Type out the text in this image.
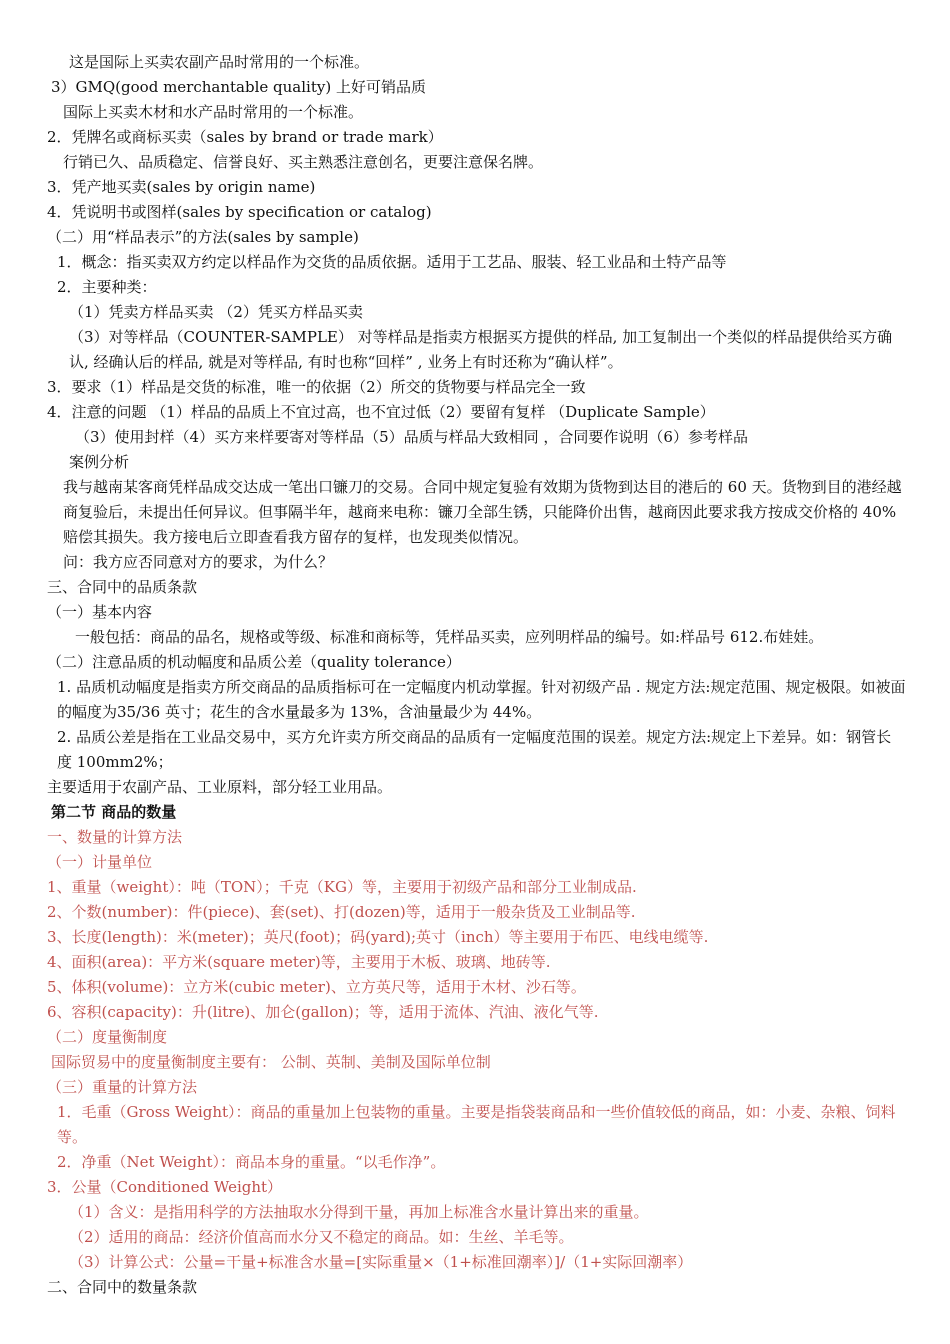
这是国际上买卖农副产品时常用的一个标准。
3）GMQ(good merchantable quality) 上好可销品质
国际上买卖木材和水产品时常用的一个标准。
2．凭牌名或商标买卖（sales by brand or trade mark）
行销已久、品质稳定、信誉良好、买主熟悉注意创名，更要注意保名牌。
3．凭产地买卖(sales by origin name)
4．凭说明书或图样(sales by specification or catalog)
（二）用“样品表示”的方法(sales by sample)
1．概念：指买卖双方约定以样品作为交货的品质依据。适用于工艺品、服装、轻工业品和土特产品等
2．主要种类：
（1）凭卖方样品买卖 （2）凭买方样品买卖
（3）对等样品（COUNTER-SAMPLE） 对等样品是指卖方根据买方提供的样品, 加工复制出一个类似的样品提供给买方确认, 经确认后的样品, 就是对等样品, 有时也称“回样” , 业务上有时还称为“确认样”。
3．要求（1）样品是交货的标准，唯一的依据（2）所交的货物要与样品完全一致
4．注意的问题 （1）样品的品质上不宜过高，也不宜过低（2）要留有复样 （Duplicate Sample）
（3）使用封样（4）买方来样要寄对等样品（5）品质与样品大致相同 ，合同要作说明（6）参考样品
案例分析
我与越南某客商凭样品成交达成一笔出口镰刀的交易。合同中规定复验有效期为货物到达目的港后的 60 天。货物到目的港经越商复验后，未提出任何异议。但事隔半年，越商来电称：镰刀全部生锈，只能降价出售，越商因此要求我方按成交价格的 40%赔偿其损失。我方接电后立即查看我方留存的复样，也发现类似情况。
问：我方应否同意对方的要求，为什么？
三、合同中的品质条款
（一）基本内容
一般包括：商品的品名，规格或等级、标准和商标等，凭样品买卖，应列明样品的编号。如:样品号 612.布娃娃。
（二）注意品质的机动幅度和品质公差（quality tolerance）
1. 品质机动幅度是指卖方所交商品的品质指标可在一定幅度内机动掌握。针对初级产品 . 规定方法:规定范围、规定极限。如被面的幅度为35/36 英寸；花生的含水量最多为 13%，含油量最少为 44%。
2. 品质公差是指在工业品交易中，买方允许卖方所交商品的品质有一定幅度范围的误差。规定方法:规定上下差异。如：钢管长度 100mm2%；
主要适用于农副产品、工业原料，部分轻工业用品。
第二节 商品的数量
一、数量的计算方法
（一）计量单位
1、重量（weight）：吨（TON）；千克（KG）等，主要用于初级产品和部分工业制成品.
2、个数(number)：件(piece)、套(set)、打(dozen)等，适用于一般杂货及工业制品等.
3、长度(length)：米(meter)；英尺(foot)；码(yard);英寸（inch）等主要用于布匹、电线电缆等.
4、面积(area)：平方米(square meter)等，主要用于木板、玻璃、地砖等.
5、体积(volume)：立方米(cubic meter)、立方英尺等，适用于木材、沙石等。
6、容积(capacity)：升(litre)、加仑(gallon)；等，适用于流体、汽油、液化气等.
（二）度量衡制度
国际贸易中的度量衡制度主要有： 公制、英制、美制及国际单位制
（三）重量的计算方法
1．毛重（Gross Weight）：商品的重量加上包装物的重量。主要是指袋装商品和一些价值较低的商品，如：小麦、杂粮、饲料等。
2．净重（Net Weight）：商品本身的重量。“以毛作净”。
3．公量（Conditioned Weight）
（1）含义：是指用科学的方法抽取水分得到干量，再加上标准含水量计算出来的重量。
（2）适用的商品：经济价值高而水分又不稳定的商品。如：生丝、羊毛等。
（3）计算公式：公量=干量+标准含水量=[实际重量×（1+标准回潮率）]/（1+实际回潮率）
二、合同中的数量条款
